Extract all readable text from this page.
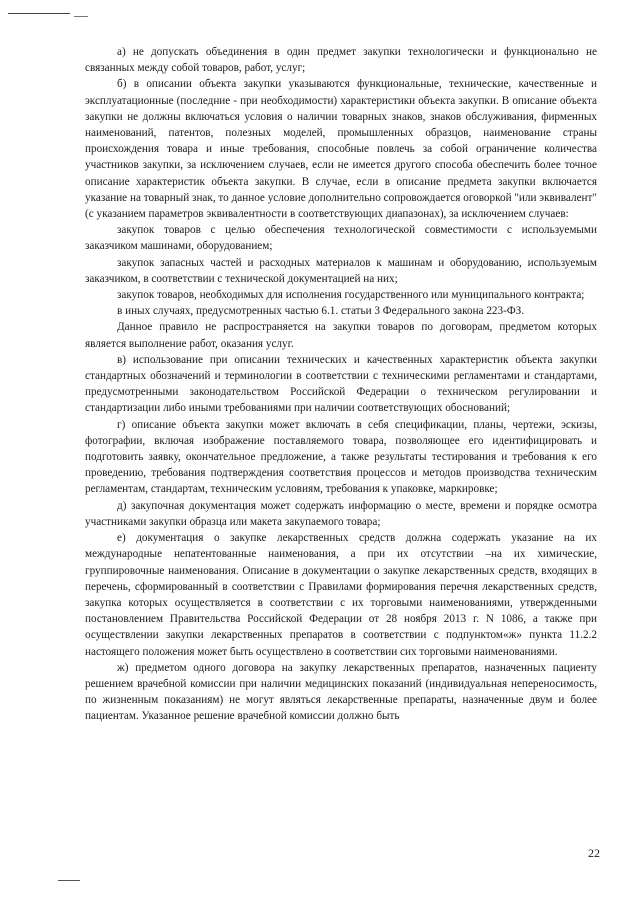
а) не допускать объединения в один предмет закупки технологически и функционально не связанных между собой товаров, работ, услуг;

б) в описании объекта закупки указываются функциональные, технические, качественные и эксплуатационные (последние - при необходимости) характеристики объекта закупки. В описание объекта закупки не должны включаться условия о наличии товарных знаков, знаков обслуживания, фирменных наименований, патентов, полезных моделей, промышленных образцов, наименование страны происхождения товара и иные требования, способные повлечь за собой ограничение количества участников закупки, за исключением случаев, если не имеется другого способа обеспечить более точное описание характеристик объекта закупки. В случае, если в описание предмета закупки включается указание на товарный знак, то данное условие дополнительно сопровождается оговоркой "или эквивалент" (с указанием параметров эквивалентности в соответствующих диапазонах), за исключением случаев:

закупок товаров с целью обеспечения технологической совместимости с используемыми заказчиком машинами, оборудованием;

закупок запасных частей и расходных материалов к машинам и оборудованию, используемым заказчиком, в соответствии с технической документацией на них;

закупок товаров, необходимых для исполнения государственного или муниципального контракта;

в иных случаях, предусмотренных частью 6.1. статьи 3 Федерального закона 223-ФЗ.

Данное правило не распространяется на закупки товаров по договорам, предметом которых является выполнение работ, оказания услуг.

в) использование при описании технических и качественных характеристик объекта закупки стандартных обозначений и терминологии в соответствии с техническими регламентами и стандартами, предусмотренными законодательством Российской Федерации о техническом регулировании и стандартизации либо иными требованиями при наличии соответствующих обоснований;

г) описание объекта закупки может включать в себя спецификации, планы, чертежи, эскизы, фотографии, включая изображение поставляемого товара, позволяющее его идентифицировать и подготовить заявку, окончательное предложение, а также результаты тестирования и требования к его проведению, требования подтверждения соответствия процессов и методов производства техническим регламентам, стандартам, техническим условиям, требования к упаковке, маркировке;

д) закупочная документация может содержать информацию о месте, времени и порядке осмотра участниками закупки образца или макета закупаемого товара;

е) документация о закупке лекарственных средств должна содержать указание на их международные непатентованные наименования, а при их отсутствии –на их химические, группировочные наименования. Описание в документации о закупке лекарственных средств, входящих в перечень, сформированный в соответствии с Правилами формирования перечня лекарственных средств, закупка которых осуществляется в соответствии с их торговыми наименованиями, утвержденными постановлением Правительства Российской Федерации от 28 ноября 2013 г. N 1086, а также при осуществлении закупки лекарственных препаратов в соответствии с подпунктом«ж» пункта 11.2.2 настоящего положения может быть осуществлено в соответствии сих торговыми наименованиями.

ж) предметом одного договора на закупку лекарственных препаратов, назначенных пациенту решением врачебной комиссии при наличии медицинских показаний (индивидуальная непереносимость, по жизненным показаниям) не могут являться лекарственные препараты, назначенные двум и более пациентам. Указанное решение врачебной комиссии должно быть

22
